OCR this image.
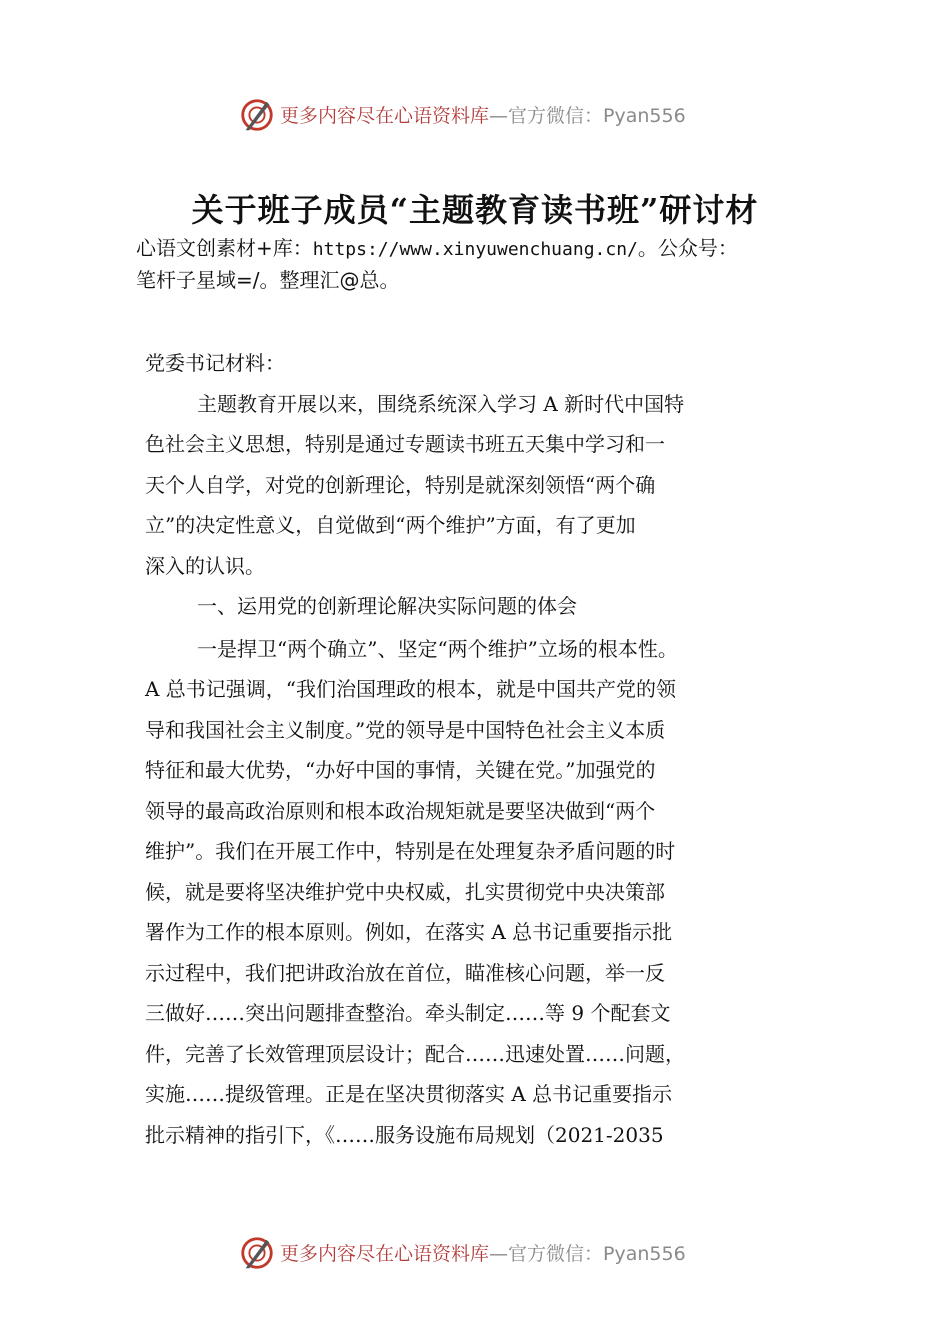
更多内容尽在心语资料库—官方微信：Pyan556
关于班子成员“主题教育读书班”研讨材
心语文创素材+库：https://www.xinyuwenchuang.cn/。公众号：
笔杆子星域=/。整理汇@总。
党委书记材料：
主题教育开展以来，围绕系统深入学习 A 新时代中国特
色社会主义思想，特别是通过专题读书班五天集中学习和一
天个人自学，对党的创新理论，特别是就深刻领悟“两个确
立”的决定性意义，自觉做到“两个维护”方面，有了更加
深入的认识。
一、运用党的创新理论解决实际问题的体会
一是捍卫“两个确立”、坚定“两个维护”立场的根本性。
A 总书记强调，“我们治国理政的根本，就是中国共产党的领
导和我国社会主义制度。”党的领导是中国特色社会主义本质
特征和最大优势，“办好中国的事情，关键在党。”加强党的
领导的最高政治原则和根本政治规矩就是要坚决做到“两个
维护”。我们在开展工作中，特别是在处理复杂矛盾问题的时
候，就是要将坚决维护党中央权威，扎实贯彻党中央决策部
署作为工作的根本原则。例如，在落实 A 总书记重要指示批
示过程中，我们把讲政治放在首位，瞄准核心问题，举一反
三做好……突出问题排查整治。牵头制定……等 9 个配套文
件，完善了长效管理顶层设计；配合……迅速处置……问题，
实施……提级管理。正是在坚决贯彻落实 A 总书记重要指示
批示精神的指引下，《……服务设施布局规划（2021-2035
更多内容尽在心语资料库—官方微信：Pyan556
